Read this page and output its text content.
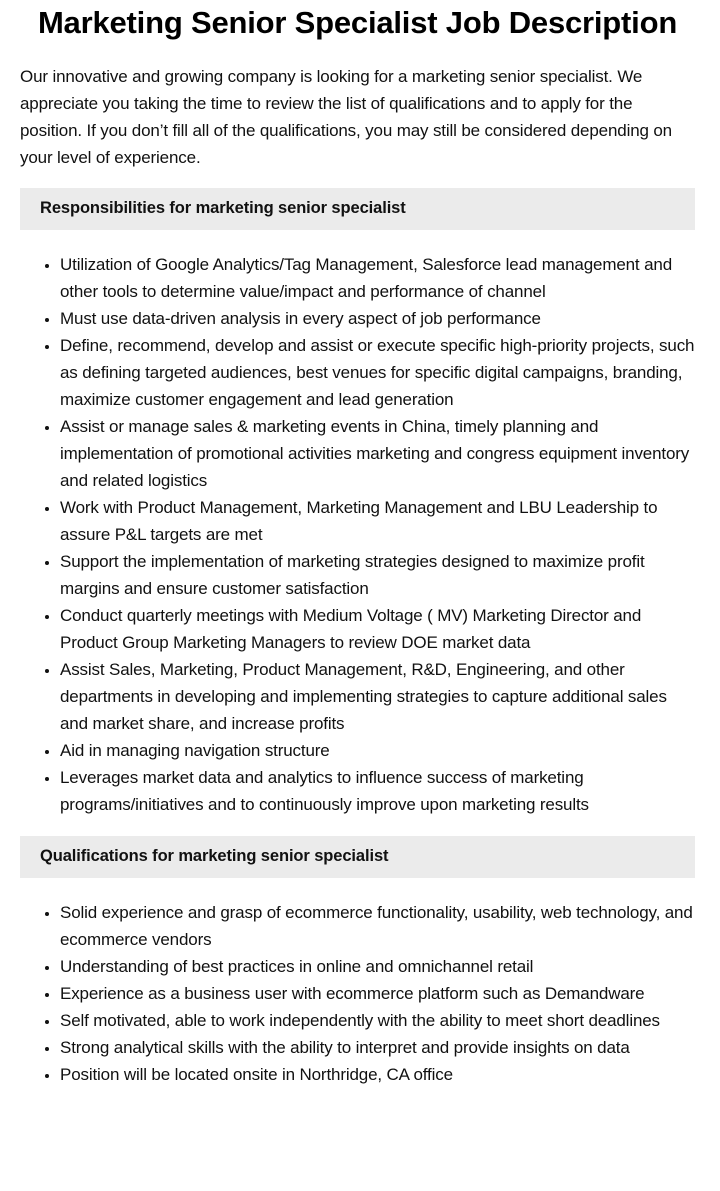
Marketing Senior Specialist Job Description

Our innovative and growing company is looking for a marketing senior specialist. We appreciate you taking the time to review the list of qualifications and to apply for the position. If you don’t fill all of the qualifications, you may still be considered depending on your level of experience.

Responsibilities for marketing senior specialist
• Utilization of Google Analytics/Tag Management, Salesforce lead management and other tools to determine value/impact and performance of channel
• Must use data-driven analysis in every aspect of job performance
• Define, recommend, develop and assist or execute specific high-priority projects, such as defining targeted audiences, best venues for specific digital campaigns, branding, maximize customer engagement and lead generation
• Assist or manage sales & marketing events in China, timely planning and implementation of promotional activities marketing and congress equipment inventory and related logistics
• Work with Product Management, Marketing Management and LBU Leadership to assure P&L targets are met
• Support the implementation of marketing strategies designed to maximize profit margins and ensure customer satisfaction
• Conduct quarterly meetings with Medium Voltage ( MV) Marketing Director and Product Group Marketing Managers to review DOE market data
• Assist Sales, Marketing, Product Management, R&D, Engineering, and other departments in developing and implementing strategies to capture additional sales and market share, and increase profits
• Aid in managing navigation structure
• Leverages market data and analytics to influence success of marketing programs/initiatives and to continuously improve upon marketing results
Qualifications for marketing senior specialist
• Solid experience and grasp of ecommerce functionality, usability, web technology, and ecommerce vendors
• Understanding of best practices in online and omnichannel retail
• Experience as a business user with ecommerce platform such as Demandware
• Self motivated, able to work independently with the ability to meet short deadlines
• Strong analytical skills with the ability to interpret and provide insights on data
• Position will be located onsite in Northridge, CA office
